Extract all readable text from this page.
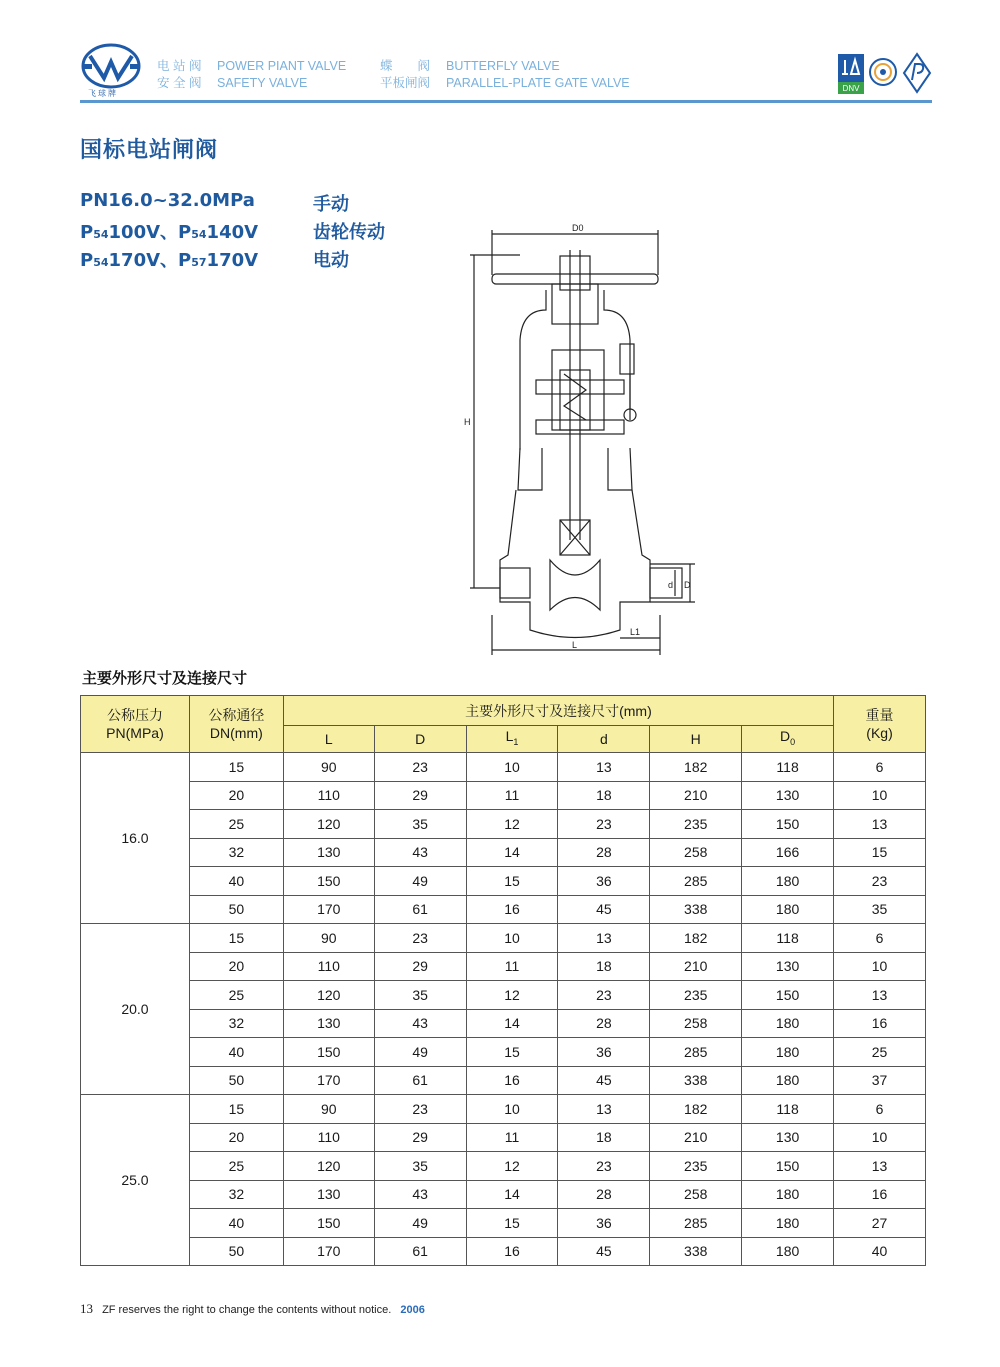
飞球牌
电 站 阀
安 全 阀
POWER PIANT VALVE
SAFETY VALVE
蝶　　阀
平板闸阀
BUTTERFLY VALVE
PARALLEL-PLATE GATE VALVE	DNV
国标电站闸阀
PN16.0~32.0MPa	手动
P54100V、P54140V	齿轮传动
P54170V、P57170V	电动
D0
H
D
d
L1
L
主要外形尺寸及连接尺寸
公称压力
PN(MPa)	公称通径
DN(mm)	主要外形尺寸及连接尺寸(mm)						重量
(Kg)
		L	D	$L_1$	d	H	$D_0$
16.0	15	90	23	10	13	182	118	6
	20	110	29	11	18	210	130	10
	25	120	35	12	23	235	150	13
	32	130	43	14	28	258	166	15
	40	150	49	15	36	285	180	23
	50	170	61	16	45	338	180	35
20.0	15	90	23	10	13	182	118	6
	20	110	29	11	18	210	130	10
	25	120	35	12	23	235	150	13
	32	130	43	14	28	258	180	16
	40	150	49	15	36	285	180	25
	50	170	61	16	45	338	180	37
25.0	15	90	23	10	13	182	118	6
	20	110	29	11	18	210	130	10
	25	120	35	12	23	235	150	13
	32	130	43	14	28	258	180	16
	40	150	49	15	36	285	180	27
	50	170	61	16	45	338	180	40
13 ZF reserves the right to change the contents without notice. 2006
